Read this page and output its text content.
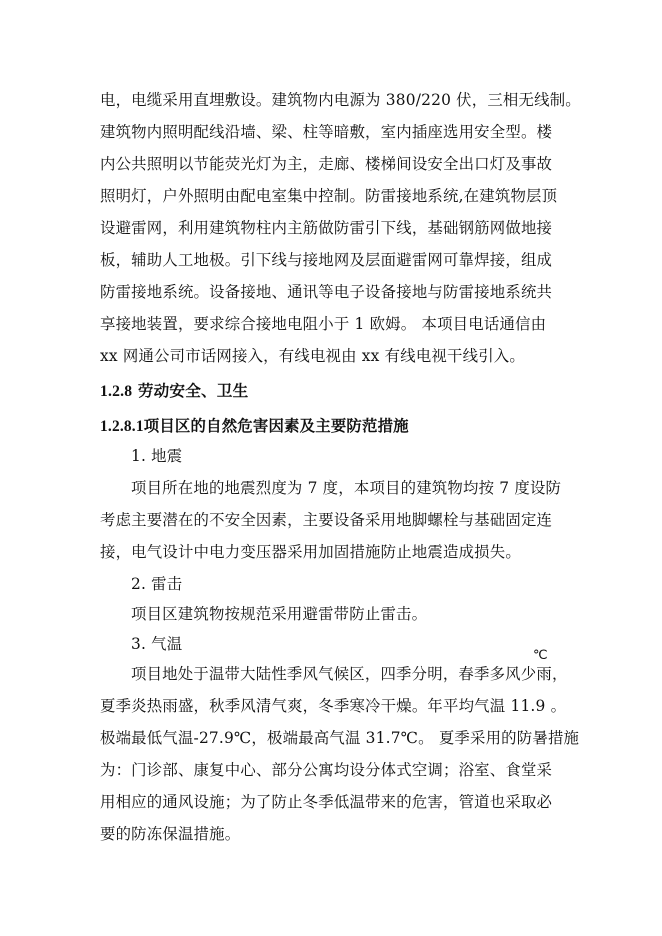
电，电缆采用直埋敷设。建筑物内电源为 380/220 伏，三相无线制。
建筑物内照明配线沿墙、梁、柱等暗敷，室内插座选用安全型。楼
内公共照明以节能荧光灯为主，走廊、楼梯间设安全出口灯及事故
照明灯，户外照明由配电室集中控制。防雷接地系统,在建筑物层顶
设避雷网，利用建筑物柱内主筋做防雷引下线，基础钢筋网做地接
板，辅助人工地极。引下线与接地网及层面避雷网可靠焊接，组成
防雷接地系统。设备接地、通讯等电子设备接地与防雷接地系统共
享接地装置，要求综合接地电阻小于 1 欧姆。 本项目电话通信由
xx 网通公司市话网接入，有线电视由 xx 有线电视干线引入。
1.2.8 劳动安全、卫生
1.2.8.1项目区的自然危害因素及主要防范措施
1. 地震
项目所在地的地震烈度为 7 度，本项目的建筑物均按 7 度设防
考虑主要潜在的不安全因素，主要设备采用地脚螺栓与基础固定连
接，电气设计中电力变压器采用加固措施防止地震造成损失。
2. 雷击
项目区建筑物按规范采用避雷带防止雷击。
3. 气温
℃
项目地处于温带大陆性季风气候区，四季分明，春季多风少雨，
夏季炎热雨盛，秋季风清气爽，冬季寒冷干燥。年平均气温 11.9 。
极端最低气温-27.9℃，极端最高气温 31.7℃。 夏季采用的防暑措施
为：门诊部、康复中心、部分公寓均设分体式空调；浴室、食堂采
用相应的通风设施；为了防止冬季低温带来的危害，管道也采取必
要的防冻保温措施。
